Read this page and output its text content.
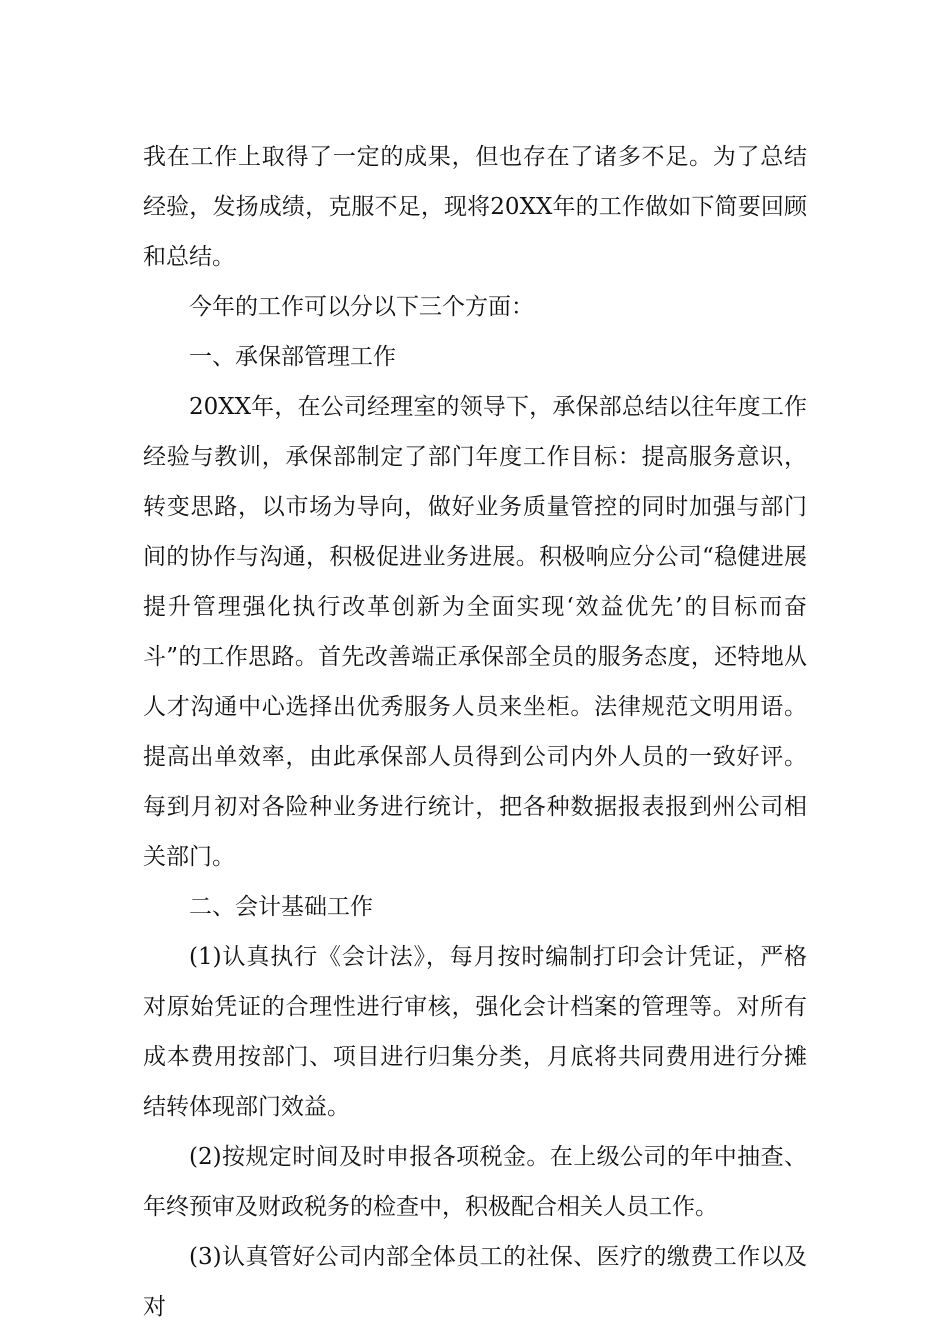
我在工作上取得了一定的成果，但也存在了诸多不足。为了总结经验，发扬成绩，克服不足，现将20XX年的工作做如下简要回顾和总结。

今年的工作可以分以下三个方面：

一、承保部管理工作

20XX年，在公司经理室的领导下，承保部总结以往年度工作经验与教训，承保部制定了部门年度工作目标：提高服务意识，转变思路，以市场为导向，做好业务质量管控的同时加强与部门间的协作与沟通，积极促进业务进展。积极响应分公司“稳健进展提升管理强化执行改革创新为全面实现‘效益优先’的目标而奋斗”的工作思路。首先改善端正承保部全员的服务态度，还特地从人才沟通中心选择出优秀服务人员来坐柜。法律规范文明用语。提高出单效率，由此承保部人员得到公司内外人员的一致好评。每到月初对各险种业务进行统计，把各种数据报表报到州公司相关部门。

二、会计基础工作

(1)认真执行《会计法》，每月按时编制打印会计凭证，严格对原始凭证的合理性进行审核，强化会计档案的管理等。对所有成本费用按部门、项目进行归集分类，月底将共同费用进行分摊结转体现部门效益。

(2)按规定时间及时申报各项税金。在上级公司的年中抽查、年终预审及财政税务的检查中，积极配合相关人员工作。

(3)认真管好公司内部全体员工的社保、医疗的缴费工作以及对
